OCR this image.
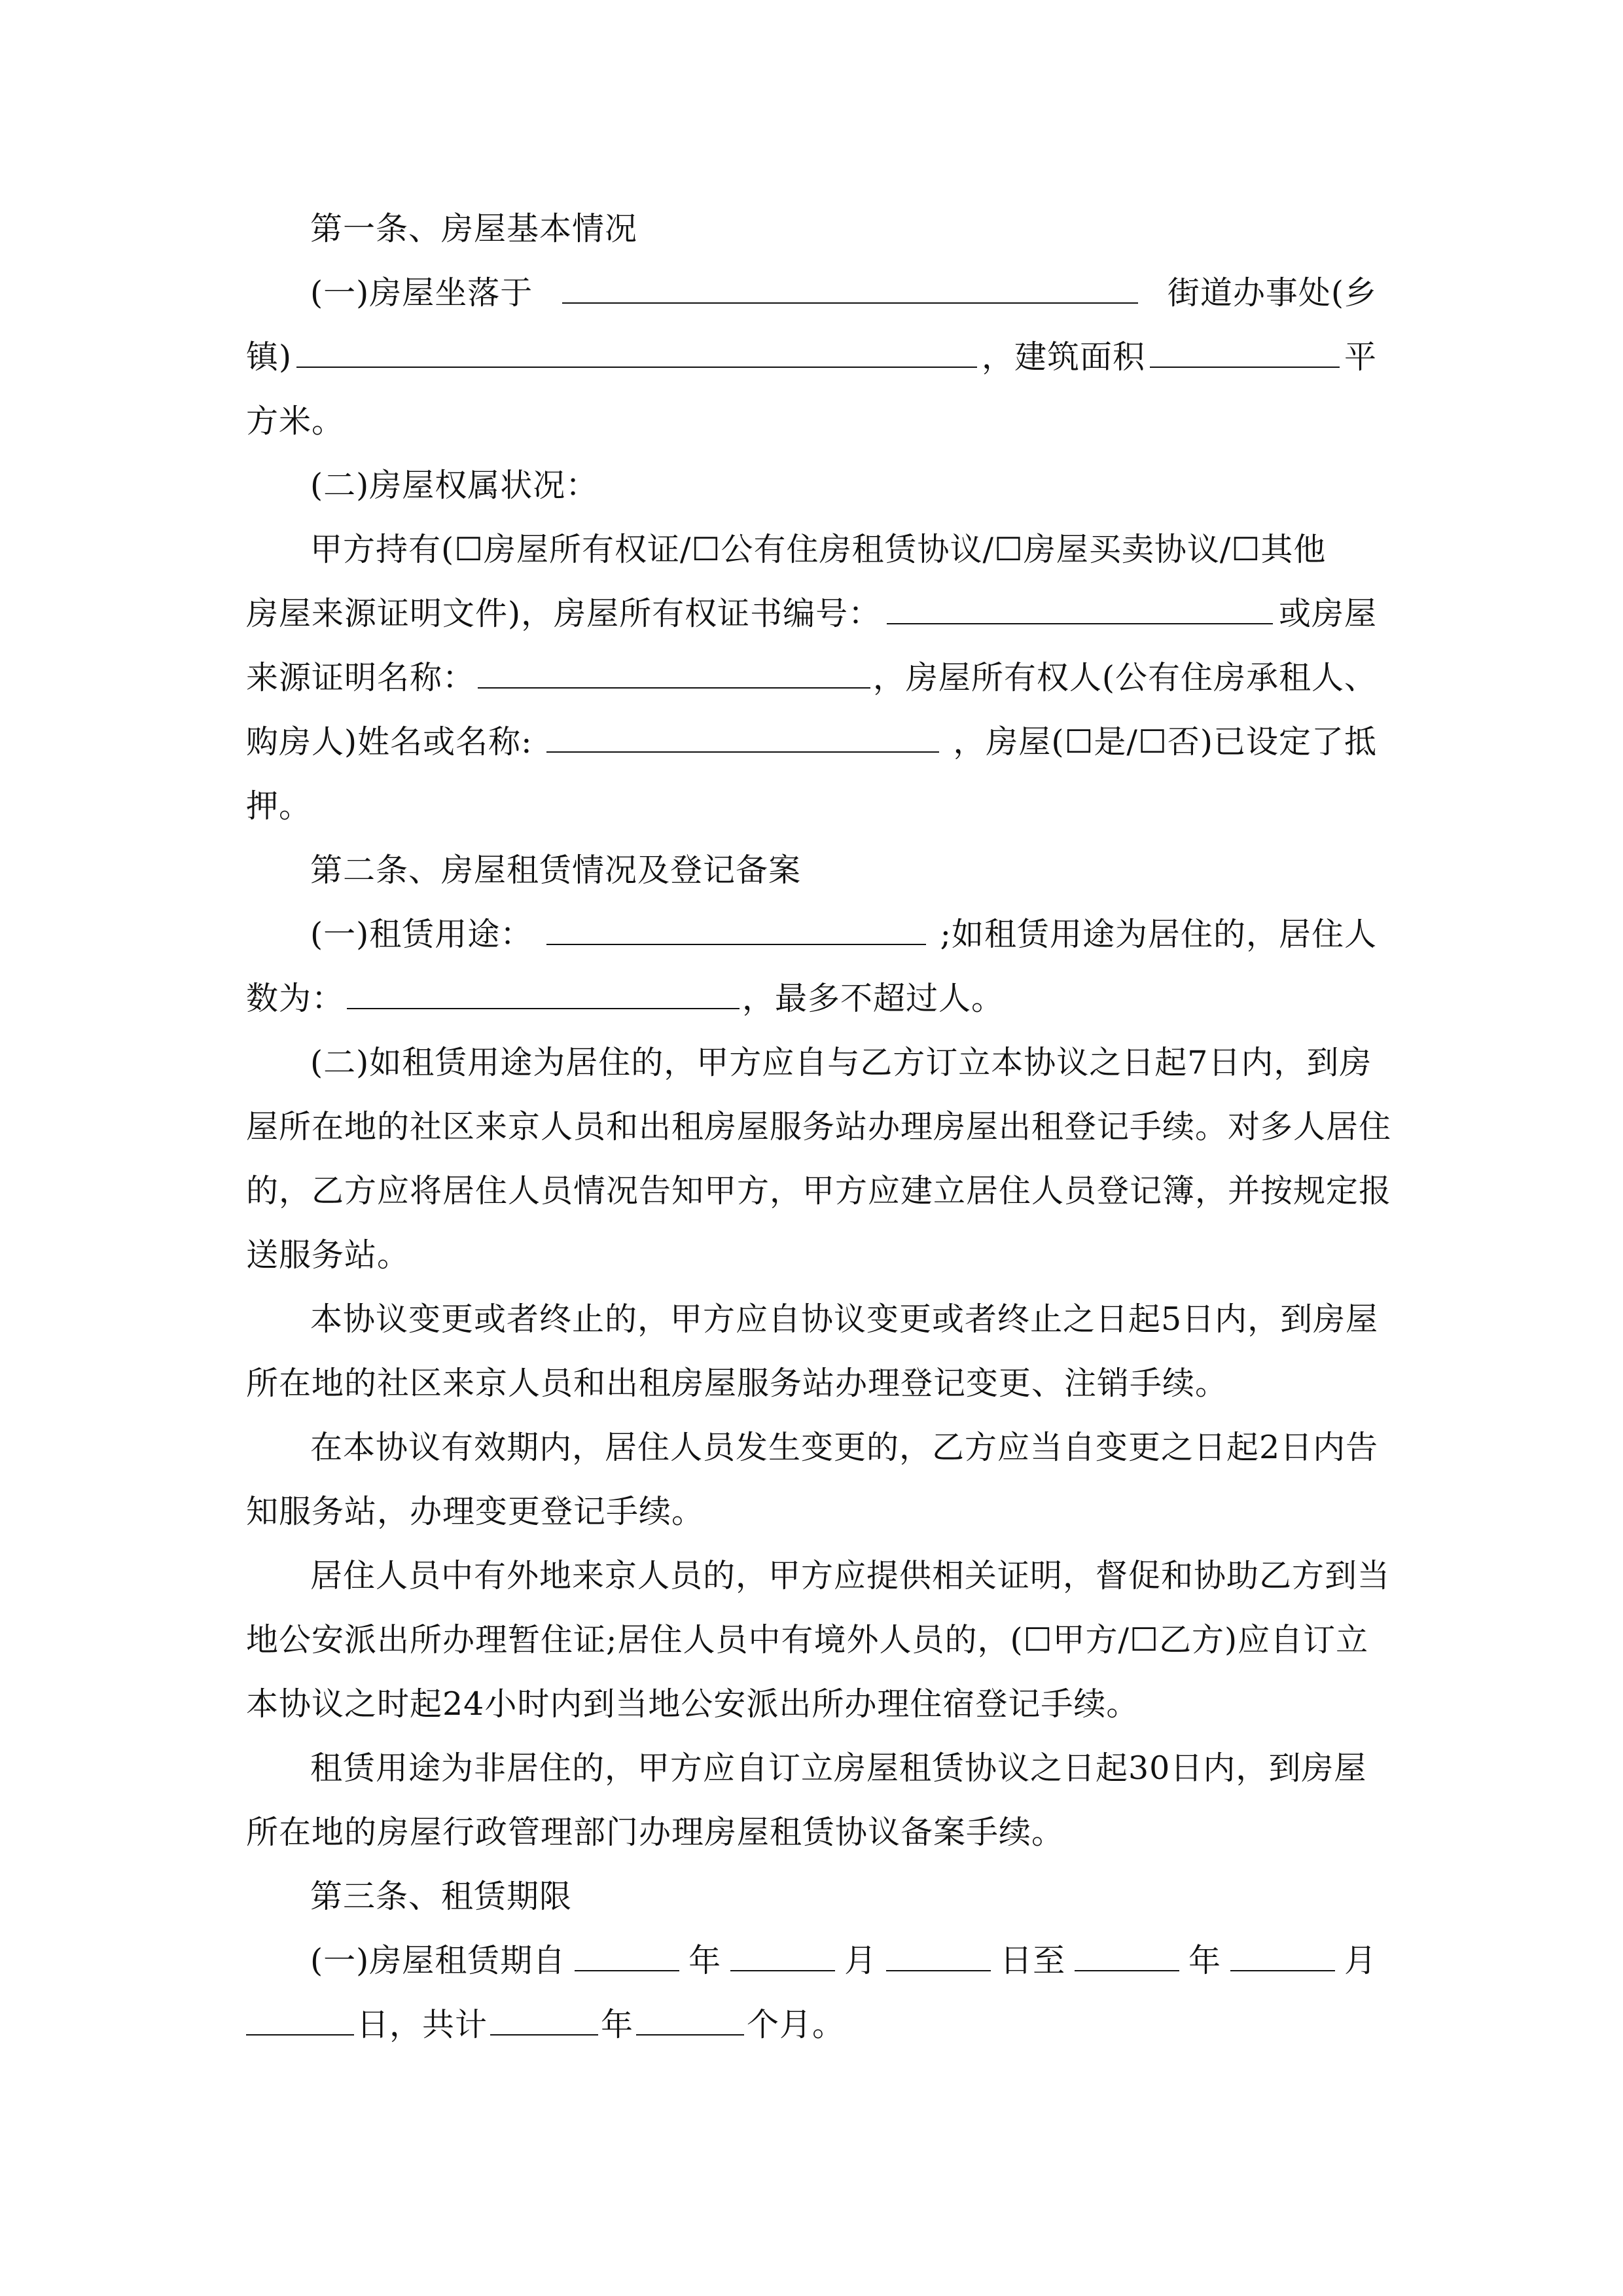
第一条、房屋基本情况
(一)房屋坐落于	街道办事处(乡
镇)	，建筑面积	平
方米。
(二)房屋权属状况：
甲方持有(☐房屋所有权证/☐公有住房租赁协议/☐房屋买卖协议/☐其他
房屋来源证明文件)，房屋所有权证书编号：	或房屋
来源证明名称：	，房屋所有权人(公有住房承租人、
购房人)姓名或名称:	，房屋(☐是/☐否)已设定了抵
押。
第二条、房屋租赁情况及登记备案
(一)租赁用途：	;如租赁用途为居住的，居住人
数为：	，最多不超过人。
(二)如租赁用途为居住的，甲方应自与乙方订立本协议之日起7日内，到房
屋所在地的社区来京人员和出租房屋服务站办理房屋出租登记手续。对多人居住
的，乙方应将居住人员情况告知甲方，甲方应建立居住人员登记簿，并按规定报
送服务站。
本协议变更或者终止的，甲方应自协议变更或者终止之日起5日内，到房屋
所在地的社区来京人员和出租房屋服务站办理登记变更、注销手续。
在本协议有效期内，居住人员发生变更的，乙方应当自变更之日起2日内告
知服务站，办理变更登记手续。
居住人员中有外地来京人员的，甲方应提供相关证明，督促和协助乙方到当
地公安派出所办理暂住证;居住人员中有境外人员的，(☐甲方/☐乙方)应自订立
本协议之时起24小时内到当地公安派出所办理住宿登记手续。
租赁用途为非居住的，甲方应自订立房屋租赁协议之日起30日内，到房屋
所在地的房屋行政管理部门办理房屋租赁协议备案手续。
第三条、租赁期限
(一)房屋租赁期自	年	月	日至	年	月
日，共计	年	个月。
